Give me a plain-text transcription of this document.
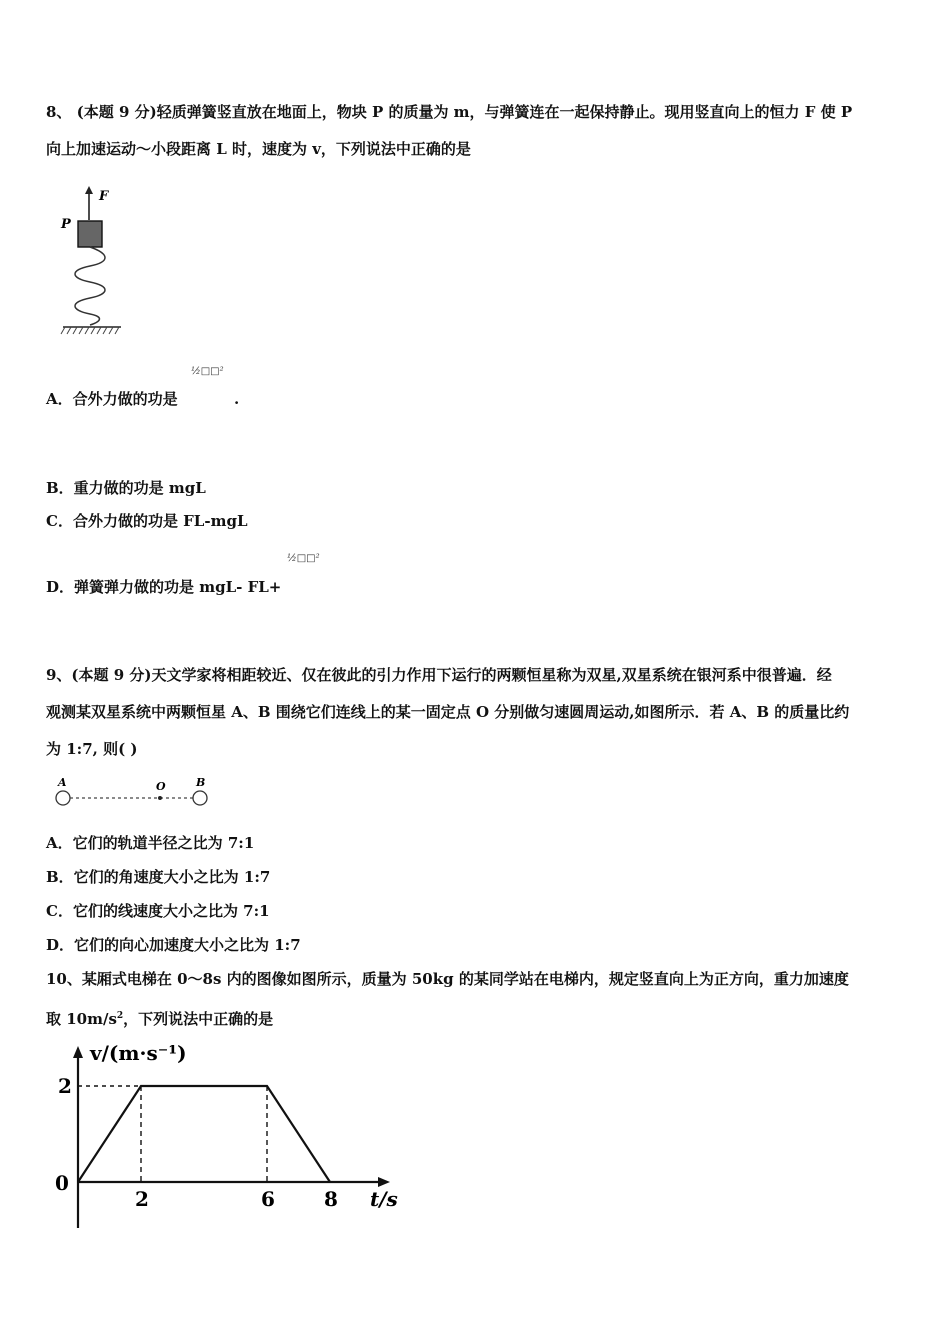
8、 (本题 9 分)轻质弹簧竖直放在地面上，物块 P 的质量为 m，与弹簧连在一起保持静止。现用竖直向上的恒力 F 使 P
向上加速运动～小段距离 L 时，速度为 v，下列说法中正确的是
F
P
A．合外力做的功是
½□□²
.
B．重力做的功是 mgL
C．合外力做的功是 FL-mgL
D．弹簧弹力做的功是 mgL- FL+
½□□²
9、(本题 9 分)天文学家将相距较近、仅在彼此的引力作用下运行的两颗恒星称为双星,双星系统在银河系中很普遍．经
观测某双星系统中两颗恒星 A、B 围绕它们连线上的某一固定点 O 分别做匀速圆周运动,如图所示．若 A、B 的质量比约
为 1:7, 则( )
A	O	B
A．它们的轨道半径之比为 7:1
B．它们的角速度大小之比为 1:7
C．它们的线速度大小之比为 7:1
D．它们的向心加速度大小之比为 1:7
10、某厢式电梯在 0～8s 内的图像如图所示，质量为 50kg 的某同学站在电梯内，规定竖直向上为正方向，重力加速度
取 $10m/s^2$，下列说法中正确的是
v/(m·s⁻¹)
t/s
0
2	6 8
2
